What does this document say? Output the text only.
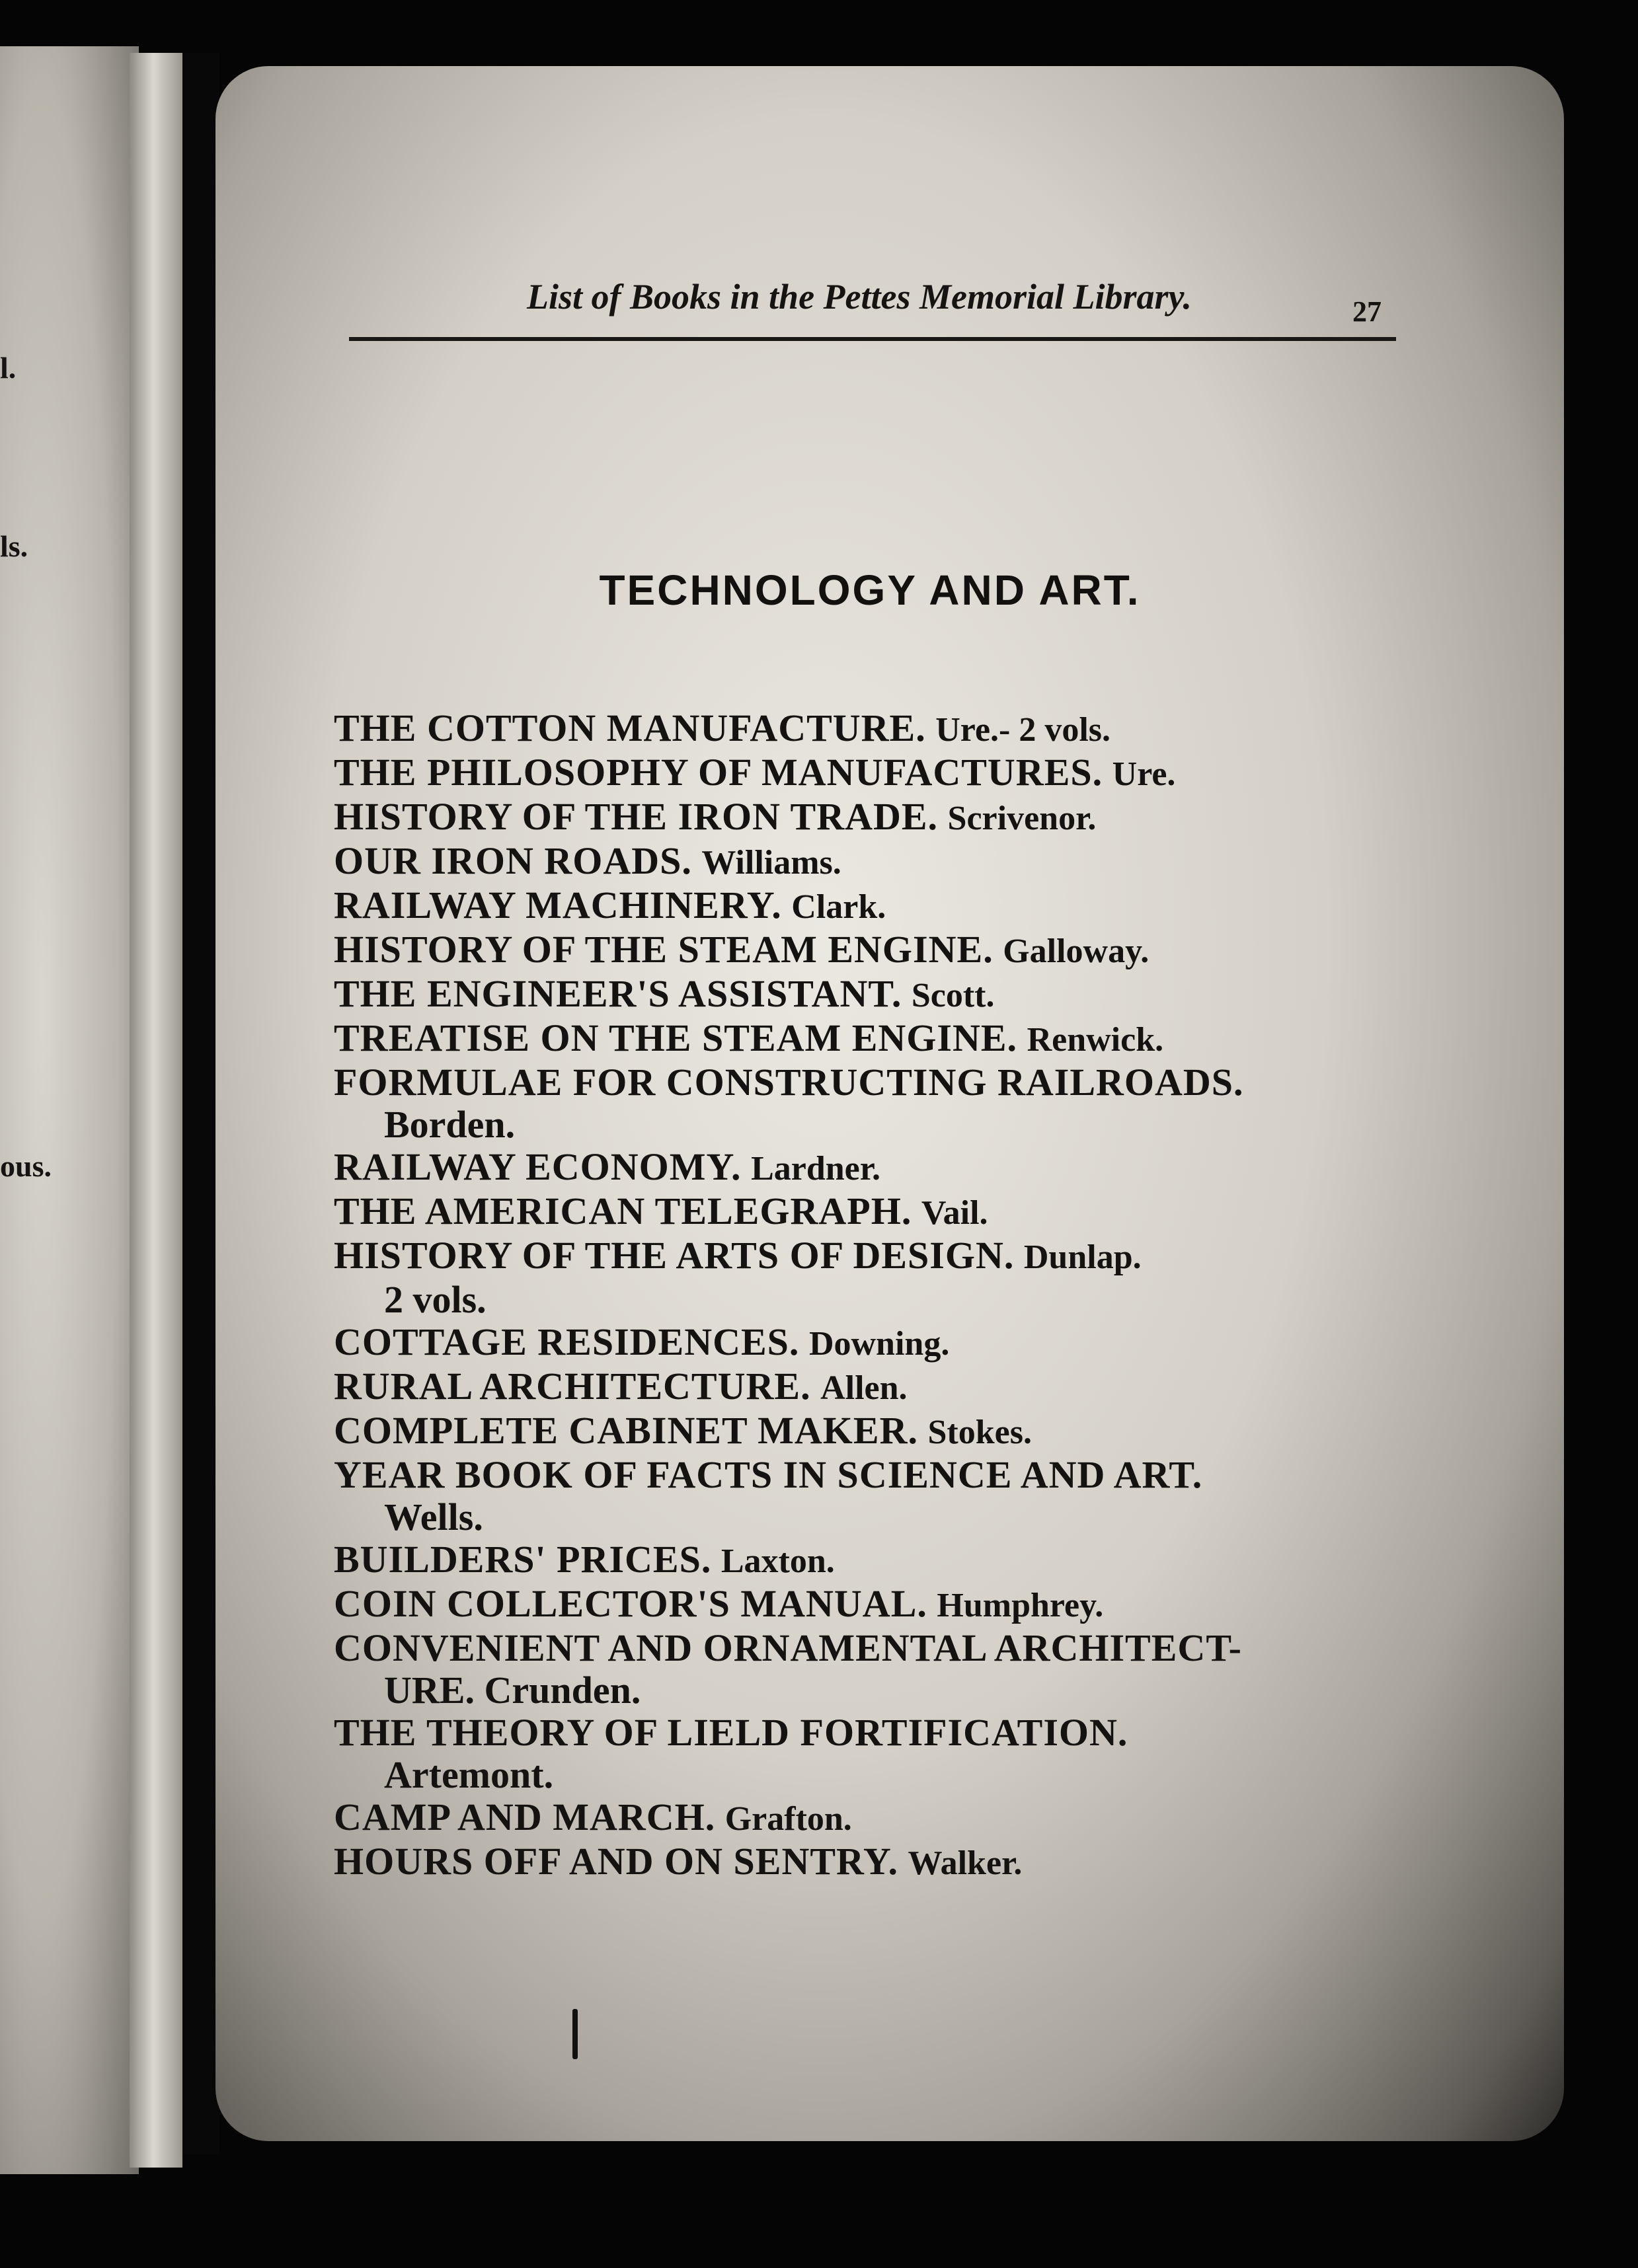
l.
ls.
ous.
List of Books in the Pettes Memorial Library.	27
TECHNOLOGY AND ART.

THE COTTON MANUFACTURE. Ure.- 2 vols.

THE PHILOSOPHY OF MANUFACTURES. Ure.

HISTORY OF THE IRON TRADE. Scrivenor.

OUR IRON ROADS. Williams.

RAILWAY MACHINERY. Clark.

HISTORY OF THE STEAM ENGINE. Galloway.

THE ENGINEER'S ASSISTANT. Scott.

TREATISE ON THE STEAM ENGINE. Renwick.

FORMULAE FOR CONSTRUCTING RAILROADS.

Borden.

RAILWAY ECONOMY. Lardner.

THE AMERICAN TELEGRAPH. Vail.

HISTORY OF THE ARTS OF DESIGN. Dunlap.

2 vols.

COTTAGE RESIDENCES. Downing.

RURAL ARCHITECTURE. Allen.

COMPLETE CABINET MAKER. Stokes.

YEAR BOOK OF FACTS IN SCIENCE AND ART.

Wells.

BUILDERS' PRICES. Laxton.

COIN COLLECTOR'S MANUAL. Humphrey.

CONVENIENT AND ORNAMENTAL ARCHITECT-

URE. Crunden.

THE THEORY OF LIELD FORTIFICATION.

Artemont.

CAMP AND MARCH. Grafton.

HOURS OFF AND ON SENTRY. Walker.
